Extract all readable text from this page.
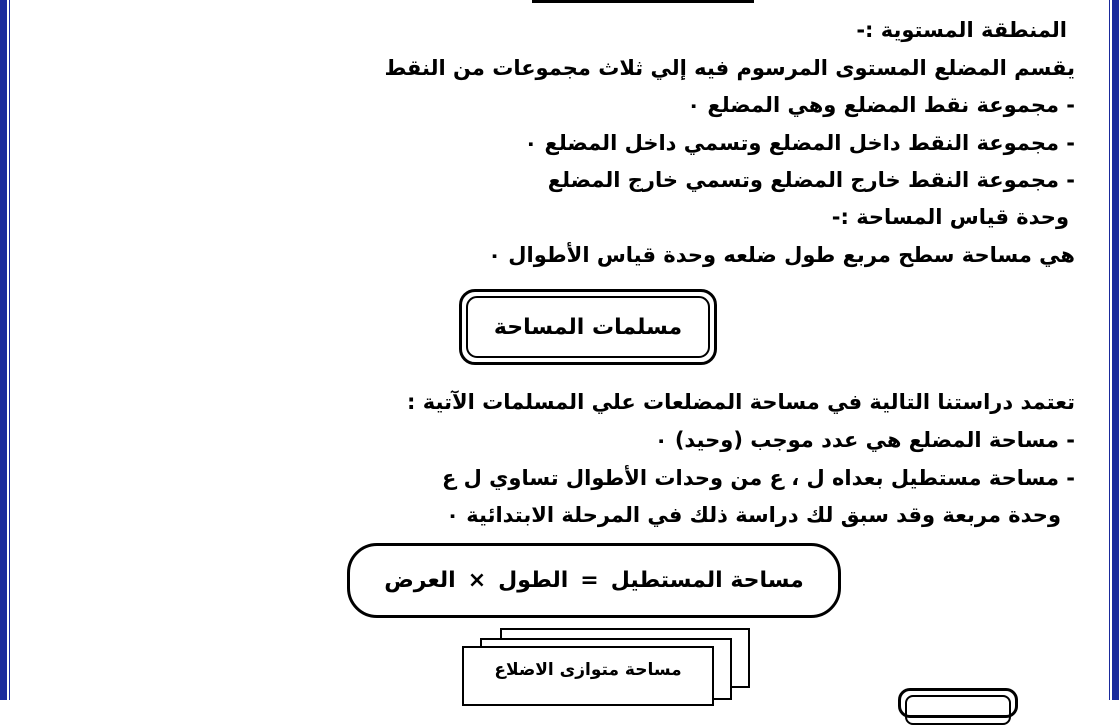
المنطقة المستوية :-

يقسم المضلع المستوى المرسوم فيه إلي ثلاث مجموعات من النقط

- مجموعة نقط المضلع وهي المضلع ٠

- مجموعة النقط داخل المضلع وتسمي داخل المضلع ٠

- مجموعة النقط خارج المضلع وتسمي خارج المضلع

وحدة قياس المساحة :-

هي مساحة سطح مربع طول ضلعه وحدة قياس الأطوال ٠

مسلمات المساحة

تعتمد دراستنا التالية في مساحة المضلعات علي المسلمات الآتية :

- مساحة المضلع هي عدد موجب (وحيد) ٠

- مساحة مستطيل بعداه ل ، ع من وحدات الأطوال تساوي ل ع

وحدة مربعة وقد سبق لك دراسة ذلك في المرحلة الابتدائية ٠

مساحة المستطيل
=
الطول
×
العرض
مساحة متوازى الاضلاع
